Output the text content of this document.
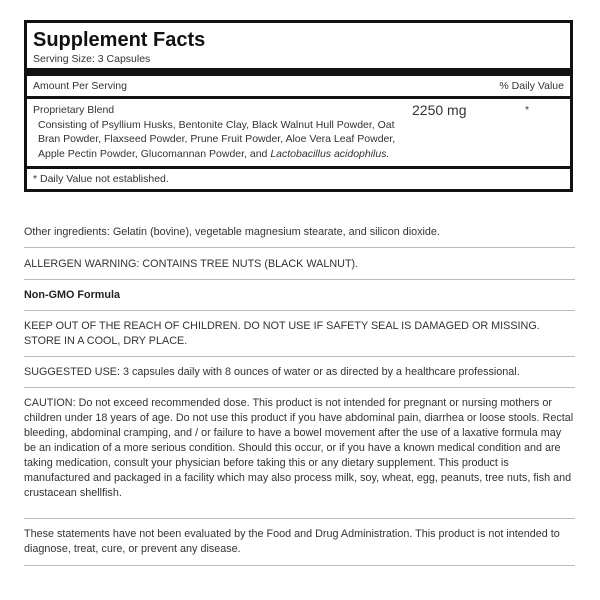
Supplement Facts
Serving Size: 3 Capsules
Amount Per Serving	% Daily Value
Proprietary Blend
Consisting of Psyllium Husks, Bentonite Clay, Black Walnut Hull Powder, Oat Bran Powder, Flaxseed Powder, Prune Fruit Powder, Aloe Vera Leaf Powder, Apple Pectin Powder, Glucomannan Powder, and Lactobacillus acidophilus.
2250 mg	*
* Daily Value not established.
Other ingredients: Gelatin (bovine), vegetable magnesium stearate, and silicon dioxide.
ALLERGEN WARNING: CONTAINS TREE NUTS (BLACK WALNUT).
Non-GMO Formula
KEEP OUT OF THE REACH OF CHILDREN. DO NOT USE IF SAFETY SEAL IS DAMAGED OR MISSING. STORE IN A COOL, DRY PLACE.
SUGGESTED USE: 3 capsules daily with 8 ounces of water or as directed by a healthcare professional.
CAUTION: Do not exceed recommended dose. This product is not intended for pregnant or nursing mothers or children under 18 years of age. Do not use this product if you have abdominal pain, diarrhea or loose stools. Rectal bleeding, abdominal cramping, and / or failure to have a bowel movement after the use of a laxative formula may be an indication of a more serious condition. Should this occur, or if you have a known medical condition and are taking medication, consult your physician before taking this or any dietary supplement. This product is manufactured and packaged in a facility which may also process milk, soy, wheat, egg, peanuts, tree nuts, fish and crustacean shellfish.
These statements have not been evaluated by the Food and Drug Administration. This product is not intended to diagnose, treat, cure, or prevent any disease.
